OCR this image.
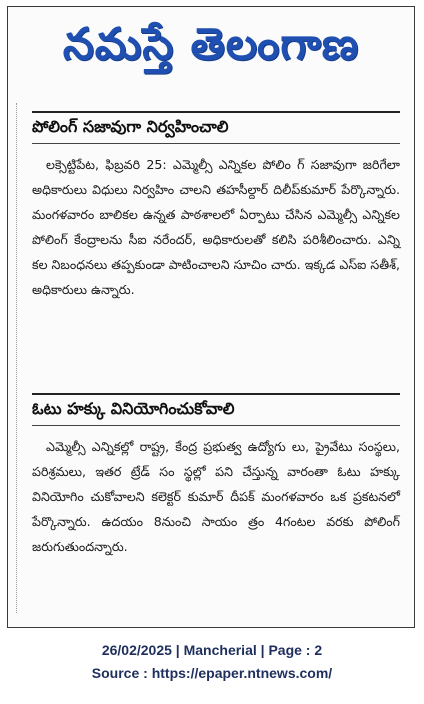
నమస్తే తెలంగాణ
పోలింగ్ సజావుగా నిర్వహించాలి

లక్సెట్టిపేట, ఫిబ్రవరి 25: ఎమ్మెల్సీ ఎన్నికల పోలిం గ్ సజావుగా జరిగేలా అధికారులు విధులు నిర్వహిం చాలని తహసీల్దార్ దిలీప్‌కుమార్ పేర్కొన్నారు. మంగళవారం బాలికల ఉన్నత పాఠశాలలో ఏర్పాటు చేసిన ఎమ్మెల్సీ ఎన్నికల పోలింగ్ కేంద్రాలను సీఐ నరేందర్, అధికారులతో కలిసి పరిశీలించారు. ఎన్ని కల నిబంధనలు తప్పకుండా పాటించాలని సూచిం చారు. ఇక్కడ ఎస్‌ఐ సతీశ్, అధికారులు ఉన్నారు.

ఓటు హక్కు వినియోగించుకోవాలి

ఎమ్మెల్సీ ఎన్నికల్లో రాష్ట్ర, కేంద్ర ప్రభుత్వ ఉద్యోగు లు, ప్రైవేటు సంస్థలు, పరిశ్రమలు, ఇతర ట్రేడ్ సం స్థల్లో పని చేస్తున్న వారంతా ఓటు హక్కు వినియోగిం చుకోవాలని కలెక్టర్ కుమార్ దీపక్ మంగళవారం ఒక ప్రకటనలో పేర్కొన్నారు. ఉదయం 8నుంచి సాయం త్రం 4గంటల వరకు పోలింగ్ జరుగుతుందన్నారు.

26/02/2025 | Mancherial | Page : 2
Source : https://epaper.ntnews.com/
